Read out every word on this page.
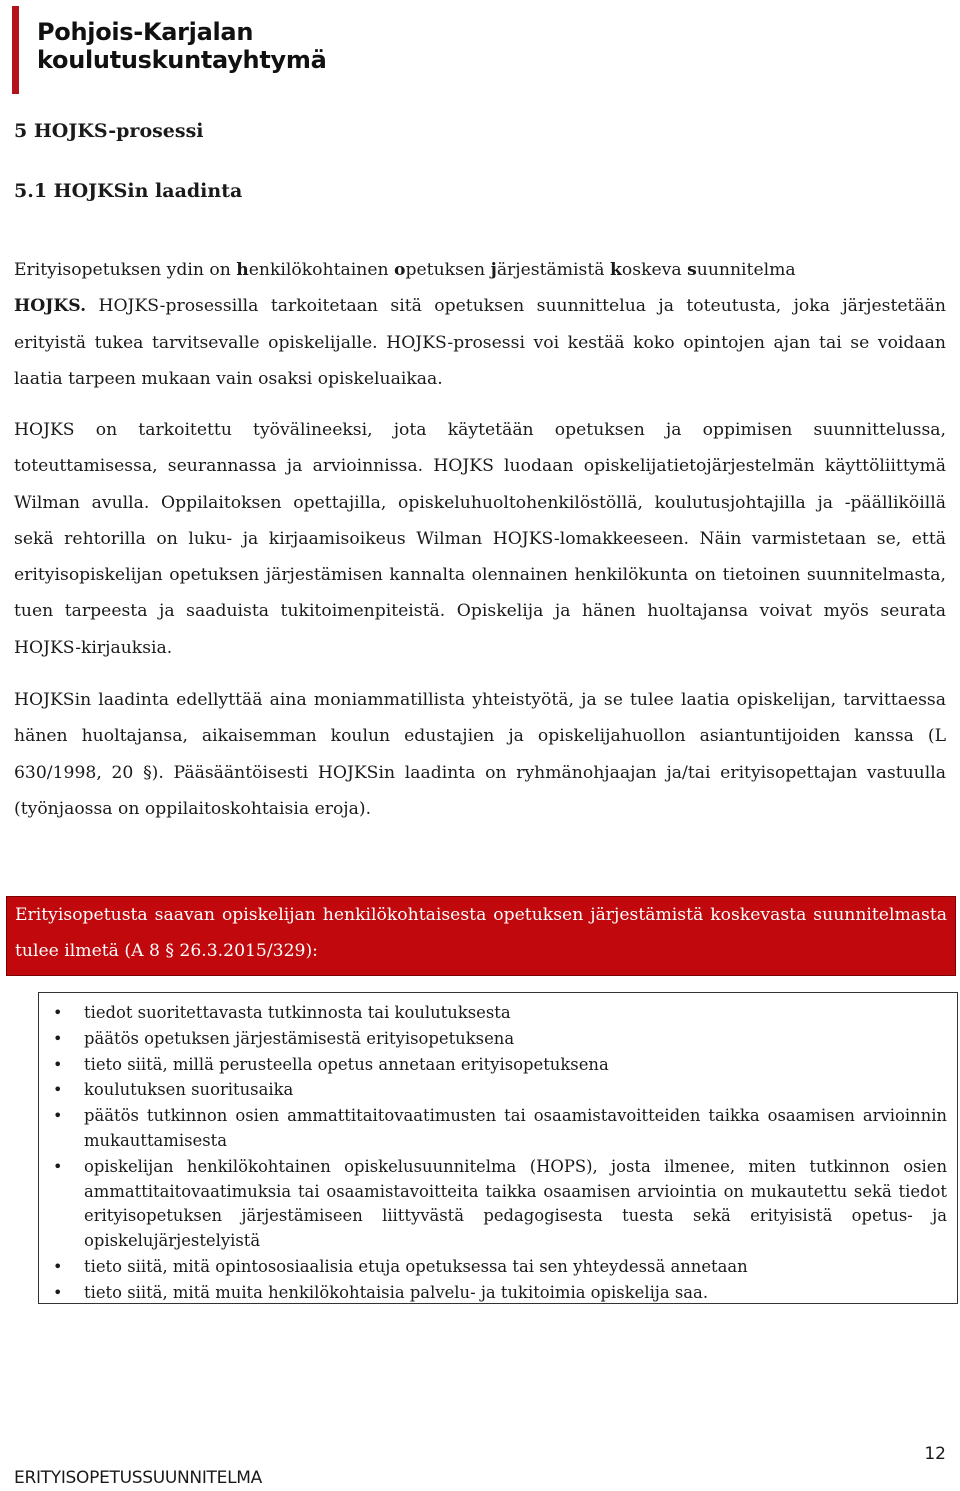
Pohjois-Karjalan
koulutuskuntayhtymä
5 HOJKS-prosessi
5.1 HOJKSin laadinta

Erityisopetuksen ydin on henkilökohtainen opetuksen järjestämistä koskeva suunnitelma
HOJKS. HOJKS-prosessilla tarkoitetaan sitä opetuksen suunnittelua ja toteutusta, joka järjestetään erityistä tukea tarvitsevalle opiskelijalle. HOJKS-prosessi voi kestää koko opintojen ajan tai se voidaan laatia tarpeen mukaan vain osaksi opiskeluaikaa.

HOJKS on tarkoitettu työvälineeksi, jota käytetään opetuksen ja oppimisen suunnittelussa, toteuttamisessa, seurannassa ja arvioinnissa. HOJKS luodaan opiskelijatietojärjestelmän käyttöliittymä Wilman avulla. Oppilaitoksen opettajilla, opiskeluhuoltohenkilöstöllä, koulutusjohtajilla ja -päälliköillä sekä rehtorilla on luku- ja kirjaamisoikeus Wilman HOJKS-lomakkeeseen. Näin varmistetaan se, että erityisopiskelijan opetuksen järjestämisen kannalta olennainen henkilökunta on tietoinen suunnitelmasta, tuen tarpeesta ja saaduista tukitoimenpiteistä. Opiskelija ja hänen huoltajansa voivat myös seurata HOJKS-kirjauksia.

HOJKSin laadinta edellyttää aina moniammatillista yhteistyötä, ja se tulee laatia opiskelijan, tarvittaessa hänen huoltajansa, aikaisemman koulun edustajien ja opiskelijahuollon asiantuntijoiden kanssa (L 630/1998, 20 §). Pääsääntöisesti HOJKSin laadinta on ryhmänohjaajan ja/tai erityisopettajan vastuulla (työnjaossa on oppilaitoskohtaisia eroja).

Erityisopetusta saavan opiskelijan henkilökohtaisesta opetuksen järjestämistä koskevasta suunnitelmasta tulee ilmetä (A 8 § 26.3.2015/329):

• tiedot suoritettavasta tutkinnosta tai koulutuksesta
• päätös opetuksen järjestämisestä erityisopetuksena
• tieto siitä, millä perusteella opetus annetaan erityisopetuksena
• koulutuksen suoritusaika
• päätös tutkinnon osien ammattitaitovaatimusten tai osaamistavoitteiden taikka osaamisen arvioinnin mukauttamisesta
• opiskelijan henkilökohtainen opiskelusuunnitelma (HOPS), josta ilmenee, miten tutkinnon osien ammattitaitovaatimuksia tai osaamistavoitteita taikka osaamisen arviointia on mukautettu sekä tiedot erityisopetuksen järjestämiseen liittyvästä pedagogisesta tuesta sekä erityisistä opetus- ja opiskelujärjestelyistä
• tieto siitä, mitä opintososiaalisia etuja opetuksessa tai sen yhteydessä annetaan
• tieto siitä, mitä muita henkilökohtaisia palvelu- ja tukitoimia opiskelija saa.
12
ERITYISOPETUSSUUNNITELMA
